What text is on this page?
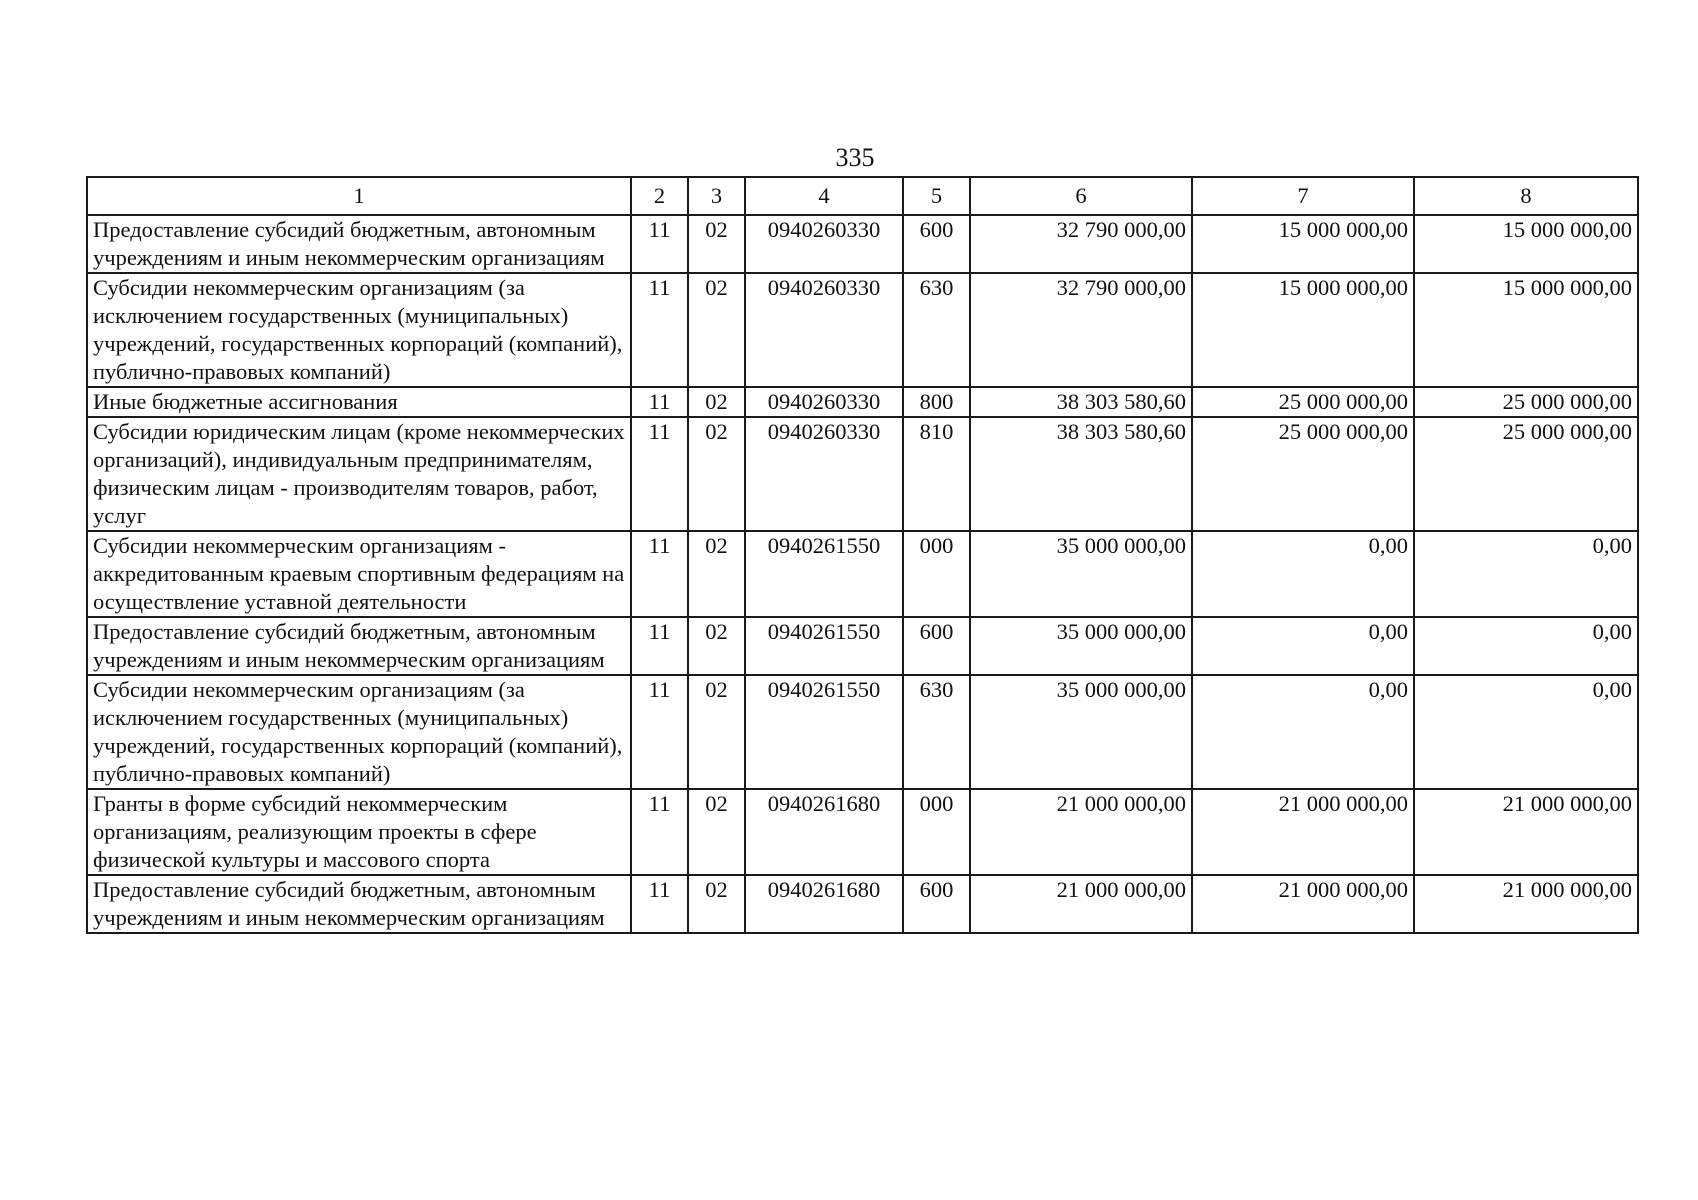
335
1	2	3	4	5	6	7	8
Предоставление субсидий бюджетным, автономным учреждениям и иным некоммерческим организациям	11	02	0940260330	600	32 790 000,00	15 000 000,00	15 000 000,00
Субсидии некоммерческим организациям (за исключением государственных (муниципальных) учреждений, государственных корпораций (компаний), публично-правовых компаний)	11	02	0940260330	630	32 790 000,00	15 000 000,00	15 000 000,00
Иные бюджетные ассигнования	11	02	0940260330	800	38 303 580,60	25 000 000,00	25 000 000,00
Субсидии юридическим лицам (кроме некоммерческих организаций), индивидуальным предпринимателям, физическим лицам - производителям товаров, работ, услуг	11	02	0940260330	810	38 303 580,60	25 000 000,00	25 000 000,00
Субсидии некоммерческим организациям - аккредитованным краевым спортивным федерациям на осуществление уставной деятельности	11	02	0940261550	000	35 000 000,00	0,00	0,00
Предоставление субсидий бюджетным, автономным учреждениям и иным некоммерческим организациям	11	02	0940261550	600	35 000 000,00	0,00	0,00
Субсидии некоммерческим организациям (за исключением государственных (муниципальных) учреждений, государственных корпораций (компаний), публично-правовых компаний)	11	02	0940261550	630	35 000 000,00	0,00	0,00
Гранты в форме субсидий некоммерческим организациям, реализующим проекты в сфере физической культуры и массового спорта	11	02	0940261680	000	21 000 000,00	21 000 000,00	21 000 000,00
Предоставление субсидий бюджетным, автономным учреждениям и иным некоммерческим организациям	11	02	0940261680	600	21 000 000,00	21 000 000,00	21 000 000,00
